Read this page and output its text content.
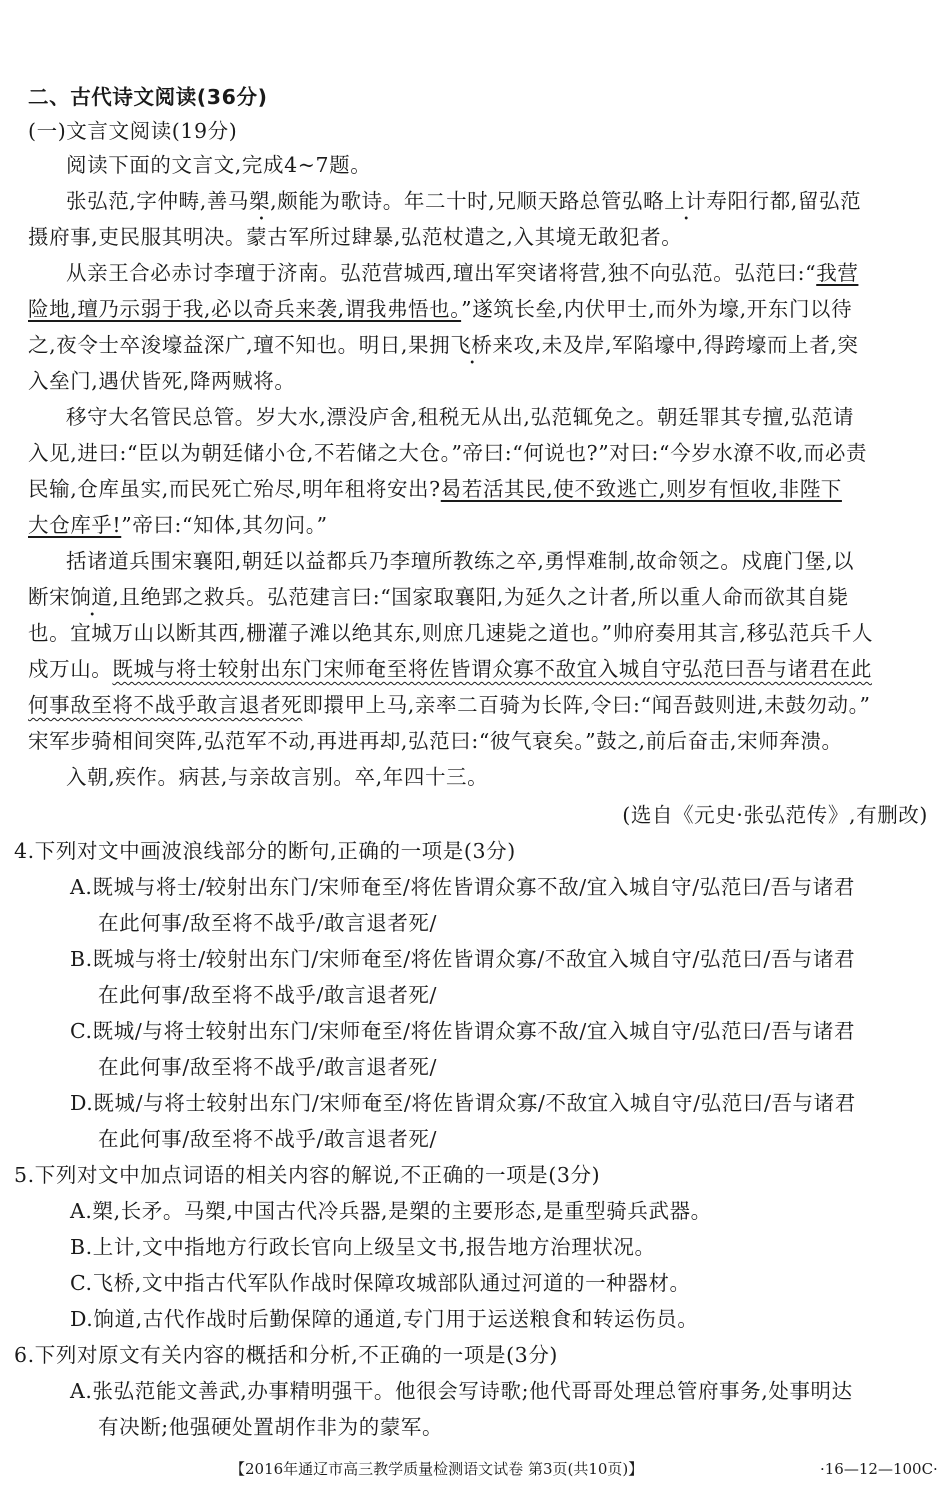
二、古代诗文阅读(36分)
(一)文言文阅读(19分)
阅读下面的文言文,完成4~7题。
张弘范,字仲畴,善马槊,颇能为歌诗。年二十时,兄顺天路总管弘略上计寿阳行都,留弘范
摄府事,吏民服其明决。蒙古军所过肆暴,弘范杖遣之,入其境无敢犯者。
从亲王合必赤讨李璮于济南。弘范营城西,璮出军突诸将营,独不向弘范。弘范曰:“我营
险地,璮乃示弱于我,必以奇兵来袭,谓我弗悟也。”遂筑长垒,内伏甲士,而外为壕,开东门以待
之,夜令士卒浚壕益深广,璮不知也。明日,果拥飞桥来攻,未及岸,军陷壕中,得跨壕而上者,突
入垒门,遇伏皆死,降两贼将。
移守大名管民总管。岁大水,漂没庐舍,租税无从出,弘范辄免之。朝廷罪其专擅,弘范请
入见,进曰:“臣以为朝廷储小仓,不若储之大仓。”帝曰:“何说也?”对曰:“今岁水潦不收,而必责
民输,仓库虽实,而民死亡殆尽,明年租将安出?曷若活其民,使不致逃亡,则岁有恒收,非陛下
大仓库乎!”帝曰:“知体,其勿问。”
括诸道兵围宋襄阳,朝廷以益都兵乃李璮所教练之卒,勇悍难制,故命领之。戍鹿门堡,以
断宋饷道,且绝郢之救兵。弘范建言曰:“国家取襄阳,为延久之计者,所以重人命而欲其自毙
也。宜城万山以断其西,栅灌子滩以绝其东,则庶几速毙之道也。”帅府奏用其言,移弘范兵千人
戍万山。既城与将士较射出东门宋师奄至将佐皆谓众寡不敌宜入城自守弘范曰吾与诸君在此
何事敌至将不战乎敢言退者死即擐甲上马,亲率二百骑为长阵,令曰:“闻吾鼓则进,未鼓勿动。”
宋军步骑相间突阵,弘范军不动,再进再却,弘范曰:“彼气衰矣。”鼓之,前后奋击,宋师奔溃。
入朝,疾作。病甚,与亲故言别。卒,年四十三。
(选自《元史·张弘范传》,有删改)
4.下列对文中画波浪线部分的断句,正确的一项是(3分)
A.既城与将士/较射出东门/宋师奄至/将佐皆谓众寡不敌/宜入城自守/弘范曰/吾与诸君
在此何事/敌至将不战乎/敢言退者死/
B.既城与将士/较射出东门/宋师奄至/将佐皆谓众寡/不敌宜入城自守/弘范曰/吾与诸君
在此何事/敌至将不战乎/敢言退者死/
C.既城/与将士较射出东门/宋师奄至/将佐皆谓众寡不敌/宜入城自守/弘范曰/吾与诸君
在此何事/敌至将不战乎/敢言退者死/
D.既城/与将士较射出东门/宋师奄至/将佐皆谓众寡/不敌宜入城自守/弘范曰/吾与诸君
在此何事/敌至将不战乎/敢言退者死/
5.下列对文中加点词语的相关内容的解说,不正确的一项是(3分)
A.槊,长矛。马槊,中国古代冷兵器,是槊的主要形态,是重型骑兵武器。
B.上计,文中指地方行政长官向上级呈文书,报告地方治理状况。
C.飞桥,文中指古代军队作战时保障攻城部队通过河道的一种器材。
D.饷道,古代作战时后勤保障的通道,专门用于运送粮食和转运伤员。
6.下列对原文有关内容的概括和分析,不正确的一项是(3分)
A.张弘范能文善武,办事精明强干。他很会写诗歌;他代哥哥处理总管府事务,处事明达
有决断;他强硬处置胡作非为的蒙军。
【2016年通辽市高三教学质量检测语文试卷 第3页(共10页)】	·16—12—100C·
